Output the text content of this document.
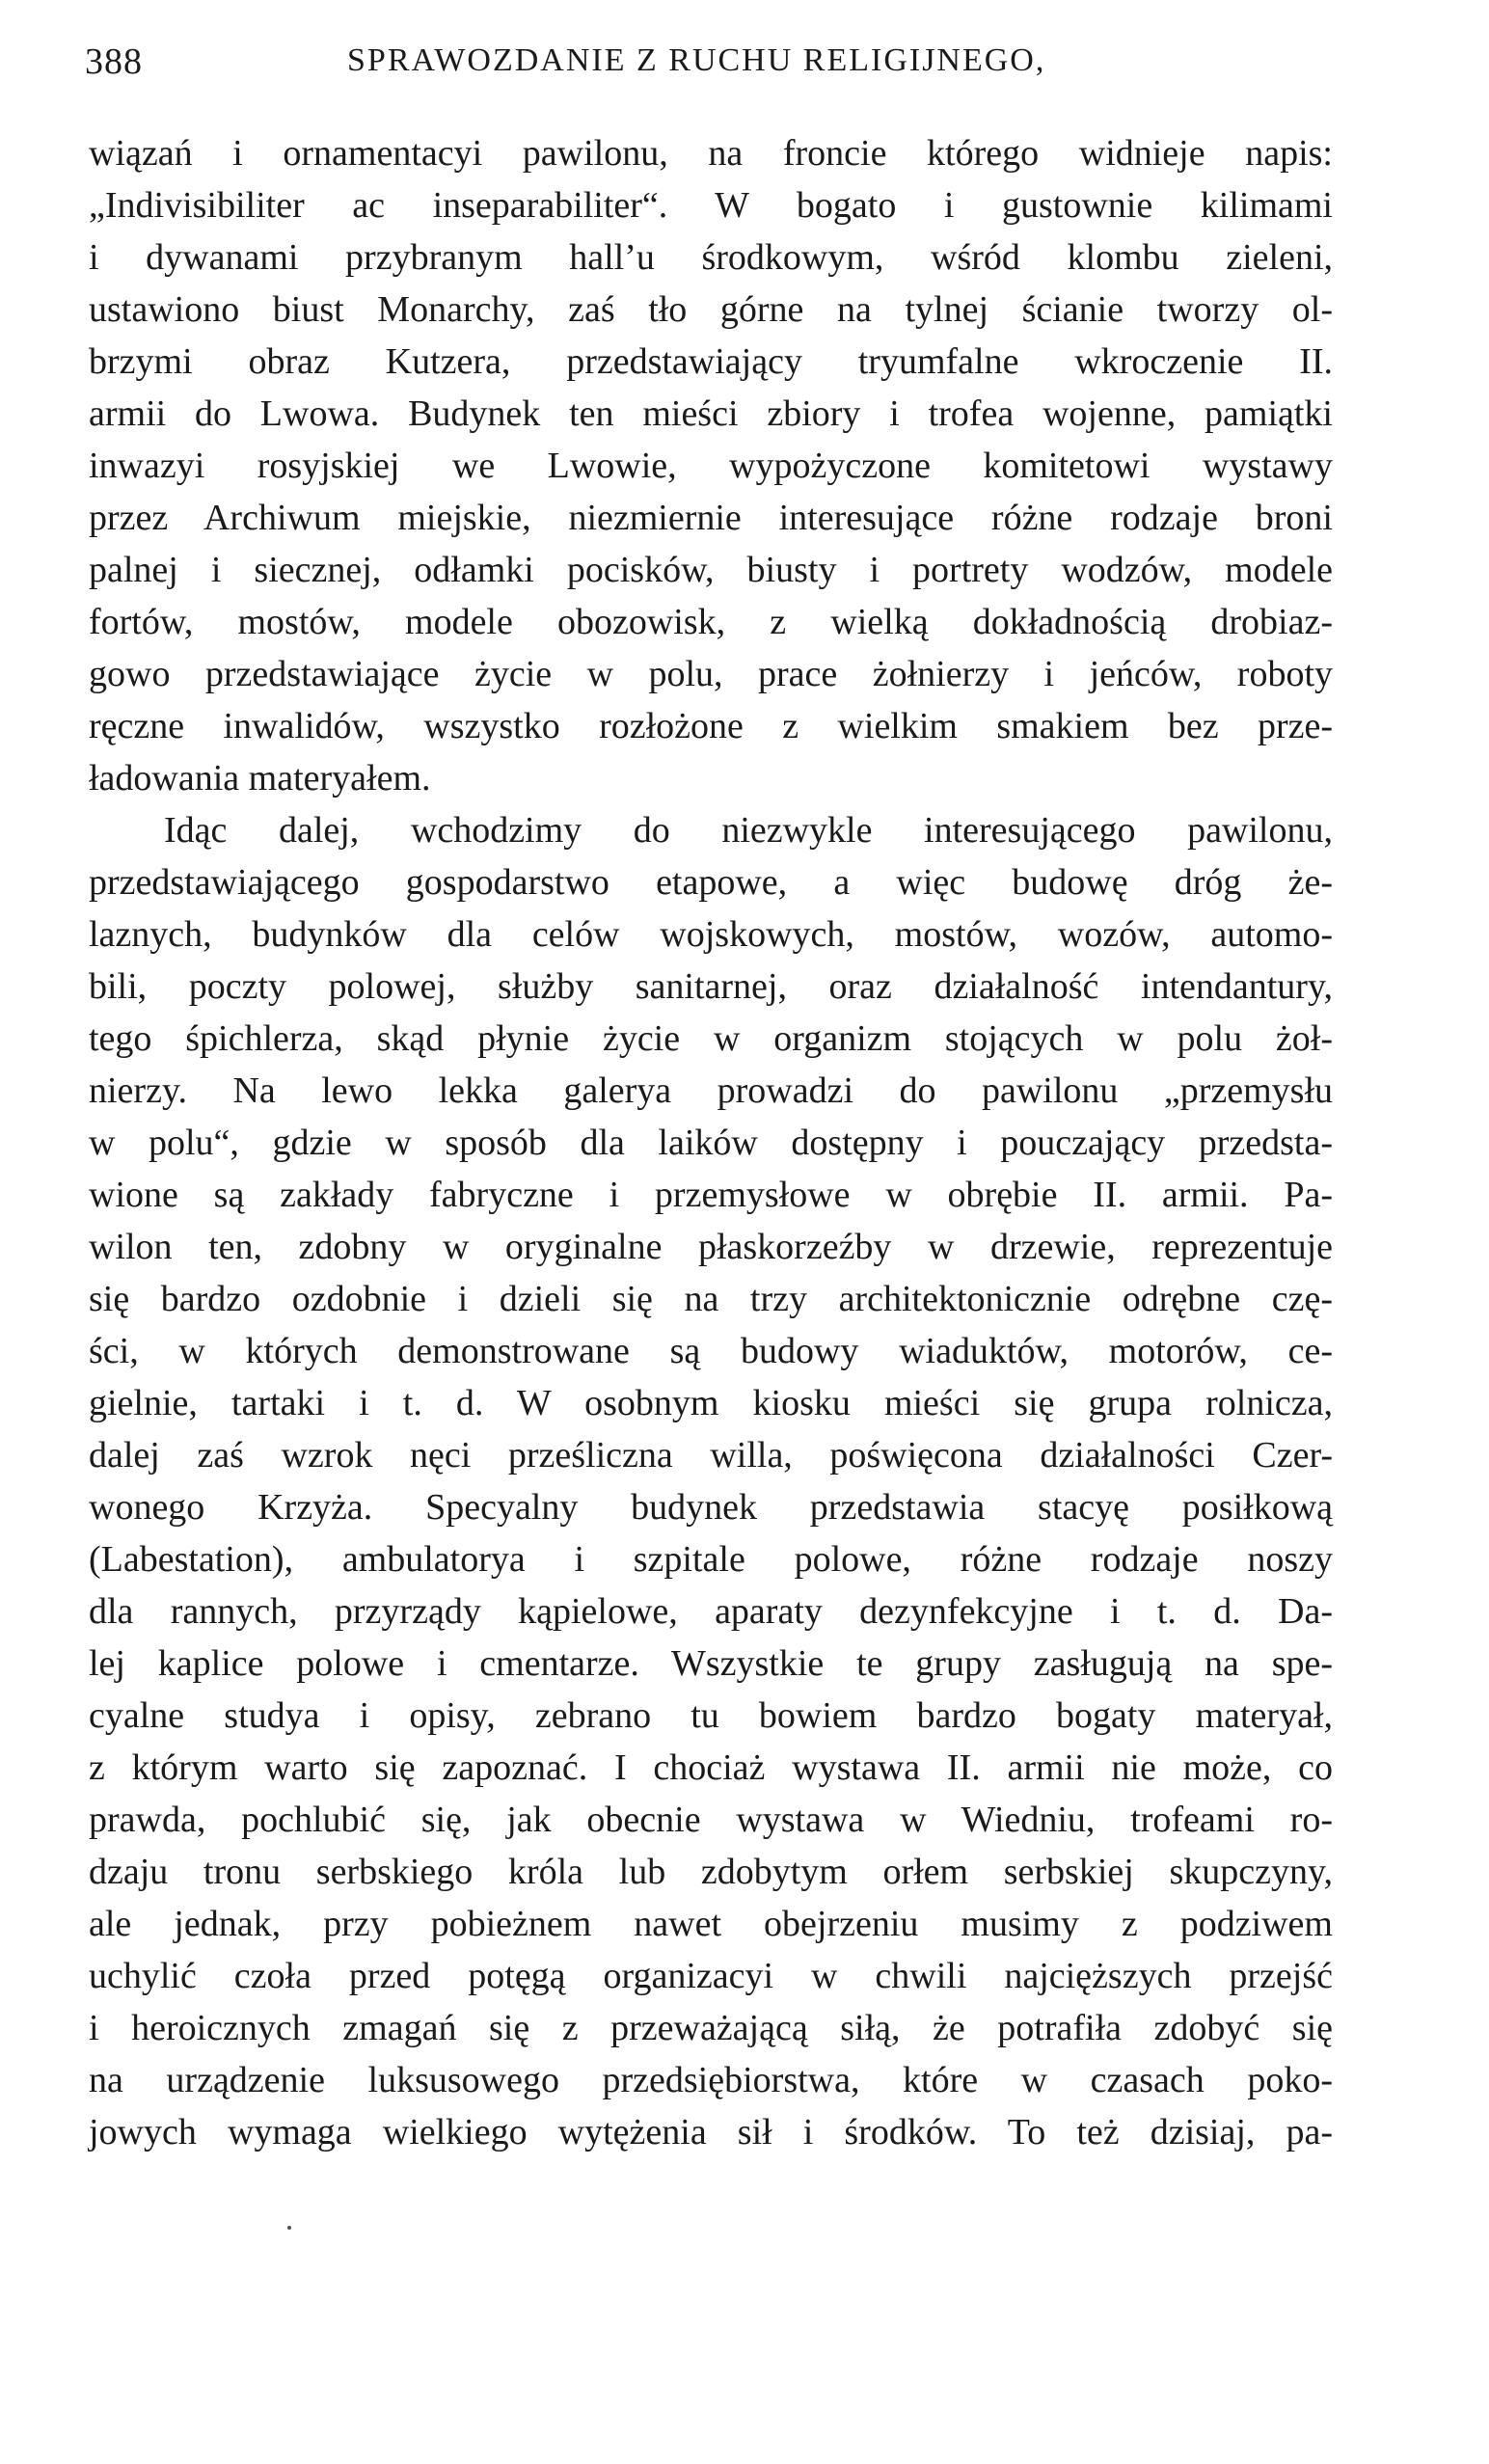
388	SPRAWOZDANIE Z RUCHU RELIGIJNEGO,
wiązań i ornamentacyi pawilonu, na froncie którego widnieje napis:
„Indivisibiliter ac inseparabiliter“. W bogato i gustownie kilimami
i dywanami przybranym hall’u środkowym, wśród klombu zieleni,
ustawiono biust Monarchy, zaś tło górne na tylnej ścianie tworzy ol-
brzymi obraz Kutzera, przedstawiający tryumfalne wkroczenie II.
armii do Lwowa. Budynek ten mieści zbiory i trofea wojenne, pamiątki
inwazyi rosyjskiej we Lwowie, wypożyczone komitetowi wystawy
przez Archiwum miejskie, niezmiernie interesujące różne rodzaje broni
palnej i siecznej, odłamki pocisków, biusty i portrety wodzów, modele
fortów, mostów, modele obozowisk, z wielką dokładnością drobiaz-
gowo przedstawiające życie w polu, prace żołnierzy i jeńców, roboty
ręczne inwalidów, wszystko rozłożone z wielkim smakiem bez prze-
ładowania materyałem.
Idąc dalej, wchodzimy do niezwykle interesującego pawilonu,
przedstawiającego gospodarstwo etapowe, a więc budowę dróg że-
laznych, budynków dla celów wojskowych, mostów, wozów, automo-
bili, poczty polowej, służby sanitarnej, oraz działalność intendantury,
tego śpichlerza, skąd płynie życie w organizm stojących w polu żoł-
nierzy. Na lewo lekka galerya prowadzi do pawilonu „przemysłu
w polu“, gdzie w sposób dla laików dostępny i pouczający przedsta-
wione są zakłady fabryczne i przemysłowe w obrębie II. armii. Pa-
wilon ten, zdobny w oryginalne płaskorzeźby w drzewie, reprezentuje
się bardzo ozdobnie i dzieli się na trzy architektonicznie odrębne czę-
ści, w których demonstrowane są budowy wiaduktów, motorów, ce-
gielnie, tartaki i t. d. W osobnym kiosku mieści się grupa rolnicza,
dalej zaś wzrok nęci prześliczna willa, poświęcona działalności Czer-
wonego Krzyża. Specyalny budynek przedstawia stacyę posiłkową
(Labestation), ambulatorya i szpitale polowe, różne rodzaje noszy
dla rannych, przyrządy kąpielowe, aparaty dezynfekcyjne i t. d. Da-
lej kaplice polowe i cmentarze. Wszystkie te grupy zasługują na spe-
cyalne studya i opisy, zebrano tu bowiem bardzo bogaty materyał,
z którym warto się zapoznać. I chociaż wystawa II. armii nie może, co
prawda, pochlubić się, jak obecnie wystawa w Wiedniu, trofeami ro-
dzaju tronu serbskiego króla lub zdobytym orłem serbskiej skupczyny,
ale jednak, przy pobieżnem nawet obejrzeniu musimy z podziwem
uchylić czoła przed potęgą organizacyi w chwili najcięższych przejść
i heroicznych zmagań się z przeważającą siłą, że potrafiła zdobyć się
na urządzenie luksusowego przedsiębiorstwa, które w czasach poko-
jowych wymaga wielkiego wytężenia sił i środków. To też dzisiaj, pa-
